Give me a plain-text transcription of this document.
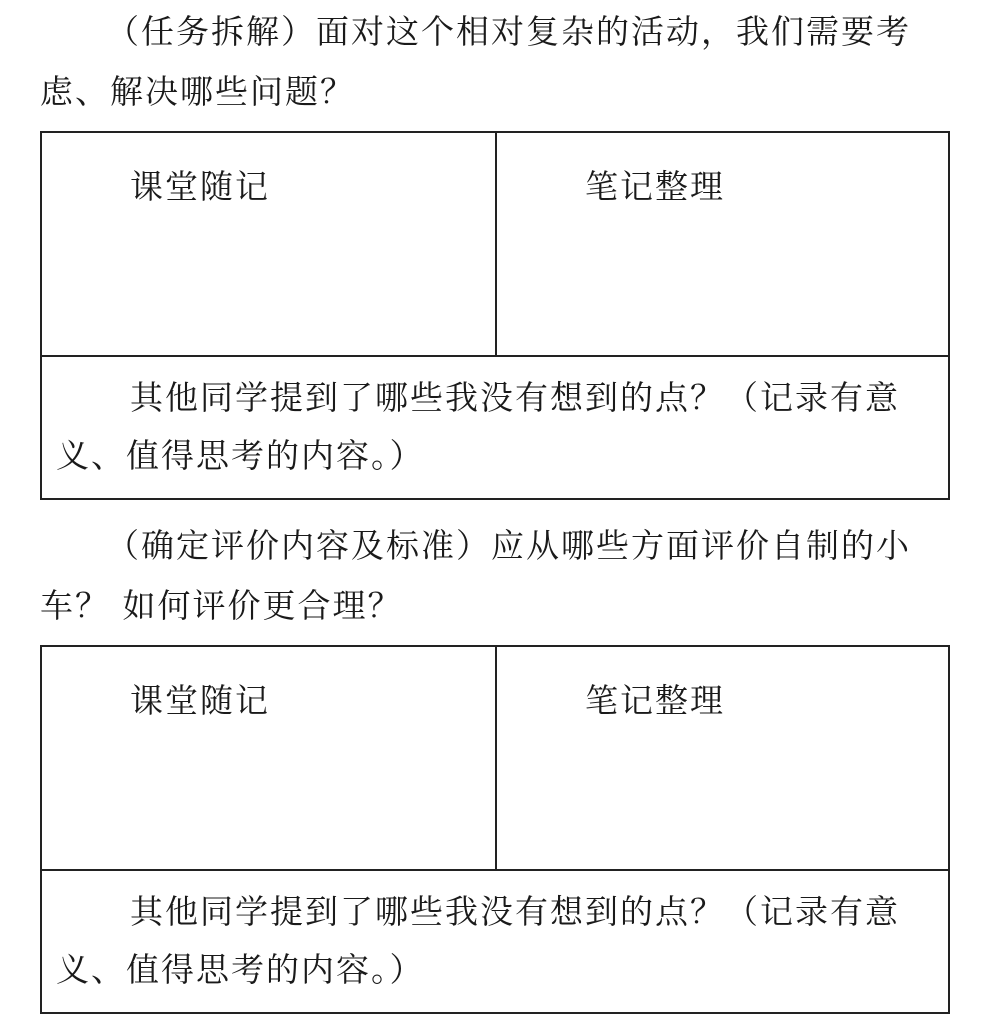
（任务拆解）面对这个相对复杂的活动，我们需要考虑、解决哪些问题？

课堂随记	笔记整理

其他同学提到了哪些我没有想到的点？（记录有意义、值得思考的内容。）

（确定评价内容及标准）应从哪些方面评价自制的小车？ 如何评价更合理？

课堂随记	笔记整理

其他同学提到了哪些我没有想到的点？（记录有意义、值得思考的内容。）
